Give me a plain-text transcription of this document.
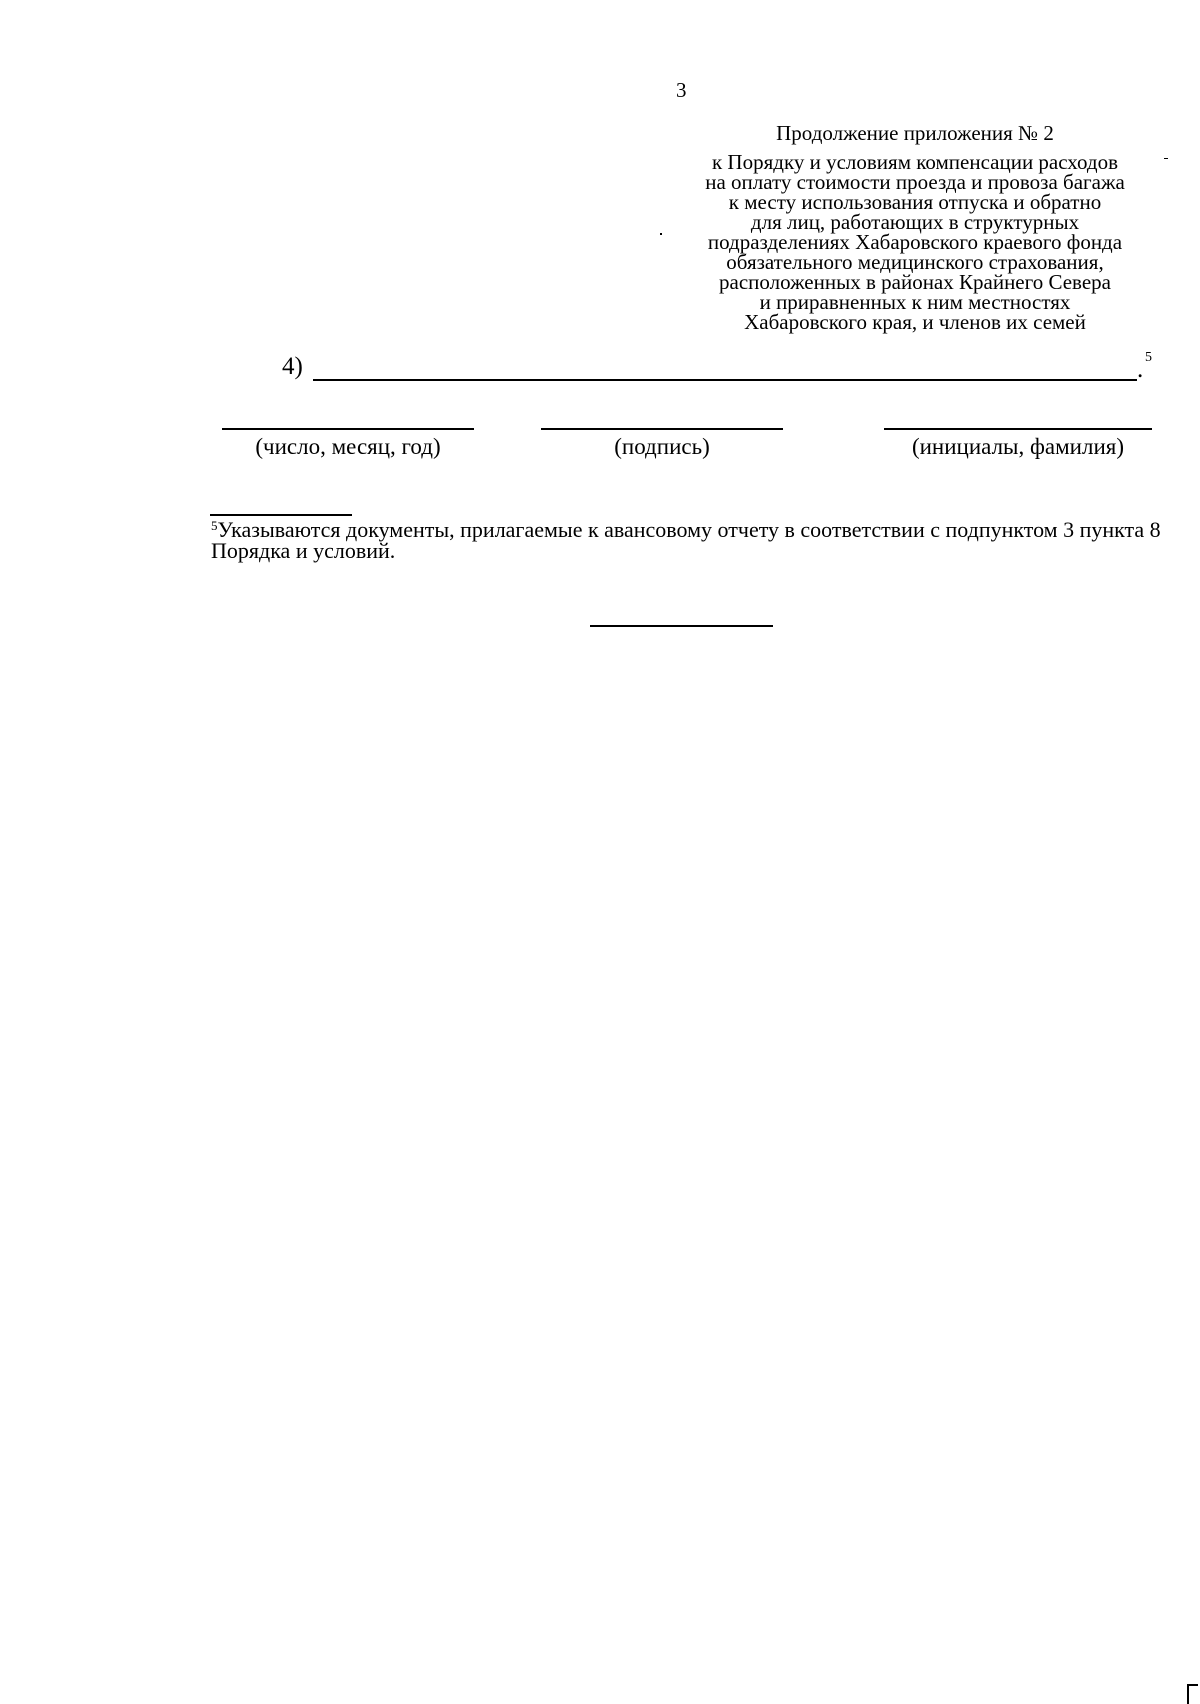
3
Продолжение приложения № 2
к Порядку и условиям компенсации расходов
на оплату стоимости проезда и провоза багажа
к месту использования отпуска и обратно
для лиц, работающих в структурных
подразделениях Хабаровского краевого фонда
обязательного медицинского страхования,
расположенных в районах Крайнего Севера
и приравненных к ним местностях
Хабаровского края, и членов их семей
4)	. 5
(число, месяц, год)	(подпись)	(инициалы, фамилия)
$^5$Указываются документы, прилагаемые к авансовому отчету в соответствии с подпунктом 3 пункта 8 Порядка и условий.
